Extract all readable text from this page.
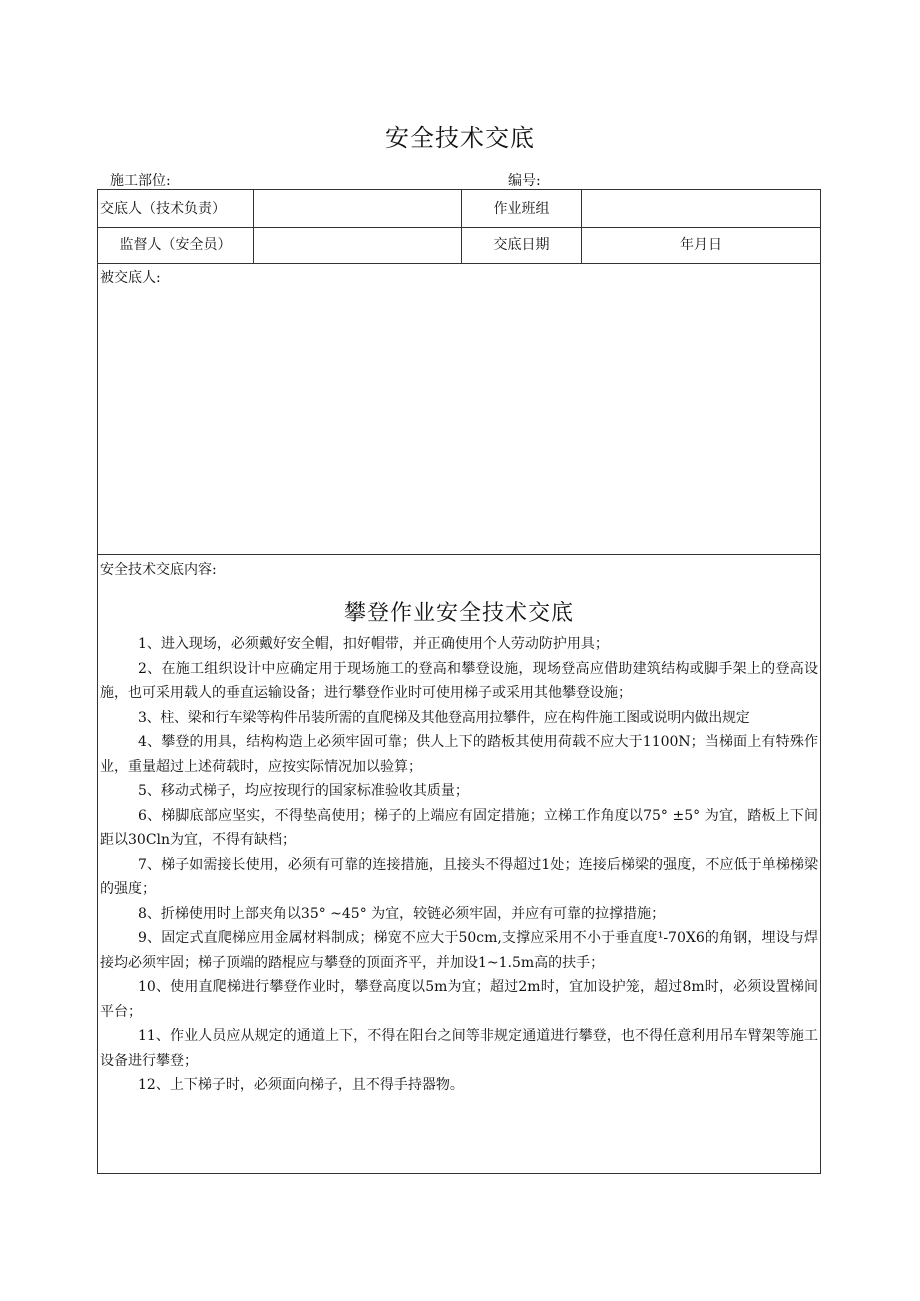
安全技术交底
施工部位:	编号:
交底人（技术负责）	作业班组
监督人（安全员）	交底日期	年月日
被交底人:
安全技术交底内容:
攀登作业安全技术交底
1、进入现场，必须戴好安全帽，扣好帽带，并正确使用个人劳动防护用具；
2、在施工组织设计中应确定用于现场施工的登高和攀登设施，现场登高应借助建筑结构或脚手架上的登高设施，也可采用载人的垂直运输设备；进行攀登作业时可使用梯子或采用其他攀登设施；
3、柱、梁和行车梁等构件吊装所需的直爬梯及其他登高用拉攀件，应在构件施工图或说明内做出规定
4、攀登的用具，结构构造上必须牢固可靠；供人上下的踏板其使用荷载不应大于1100N；当梯面上有特殊作业，重量超过上述荷载时，应按实际情况加以验算；
5、移动式梯子，均应按现行的国家标准验收其质量；
6、梯脚底部应坚实，不得垫高使用；梯子的上端应有固定措施；立梯工作角度以75° ±5° 为宜，踏板上下间距以30Cln为宜，不得有缺档；
7、梯子如需接长使用，必须有可靠的连接措施，且接头不得超过1处；连接后梯梁的强度，不应低于单梯梯梁的强度；
8、折梯使用时上部夹角以35° ~45° 为宜，较链必须牢固，并应有可靠的拉撑措施；
9、固定式直爬梯应用金属材料制成；梯宽不应大于50cm,支撑应采用不小于垂直度¹-70X6的角钢，埋设与焊接均必须牢固；梯子顶端的踏棍应与攀登的顶面齐平，并加设1~1.5m高的扶手；
10、使用直爬梯进行攀登作业时，攀登高度以5m为宜；超过2m时，宜加设护笼，超过8m时，必须设置梯间平台；
11、作业人员应从规定的通道上下，不得在阳台之间等非规定通道进行攀登，也不得任意利用吊车臂架等施工设备进行攀登；
12、上下梯子时，必须面向梯子，且不得手持器物。
